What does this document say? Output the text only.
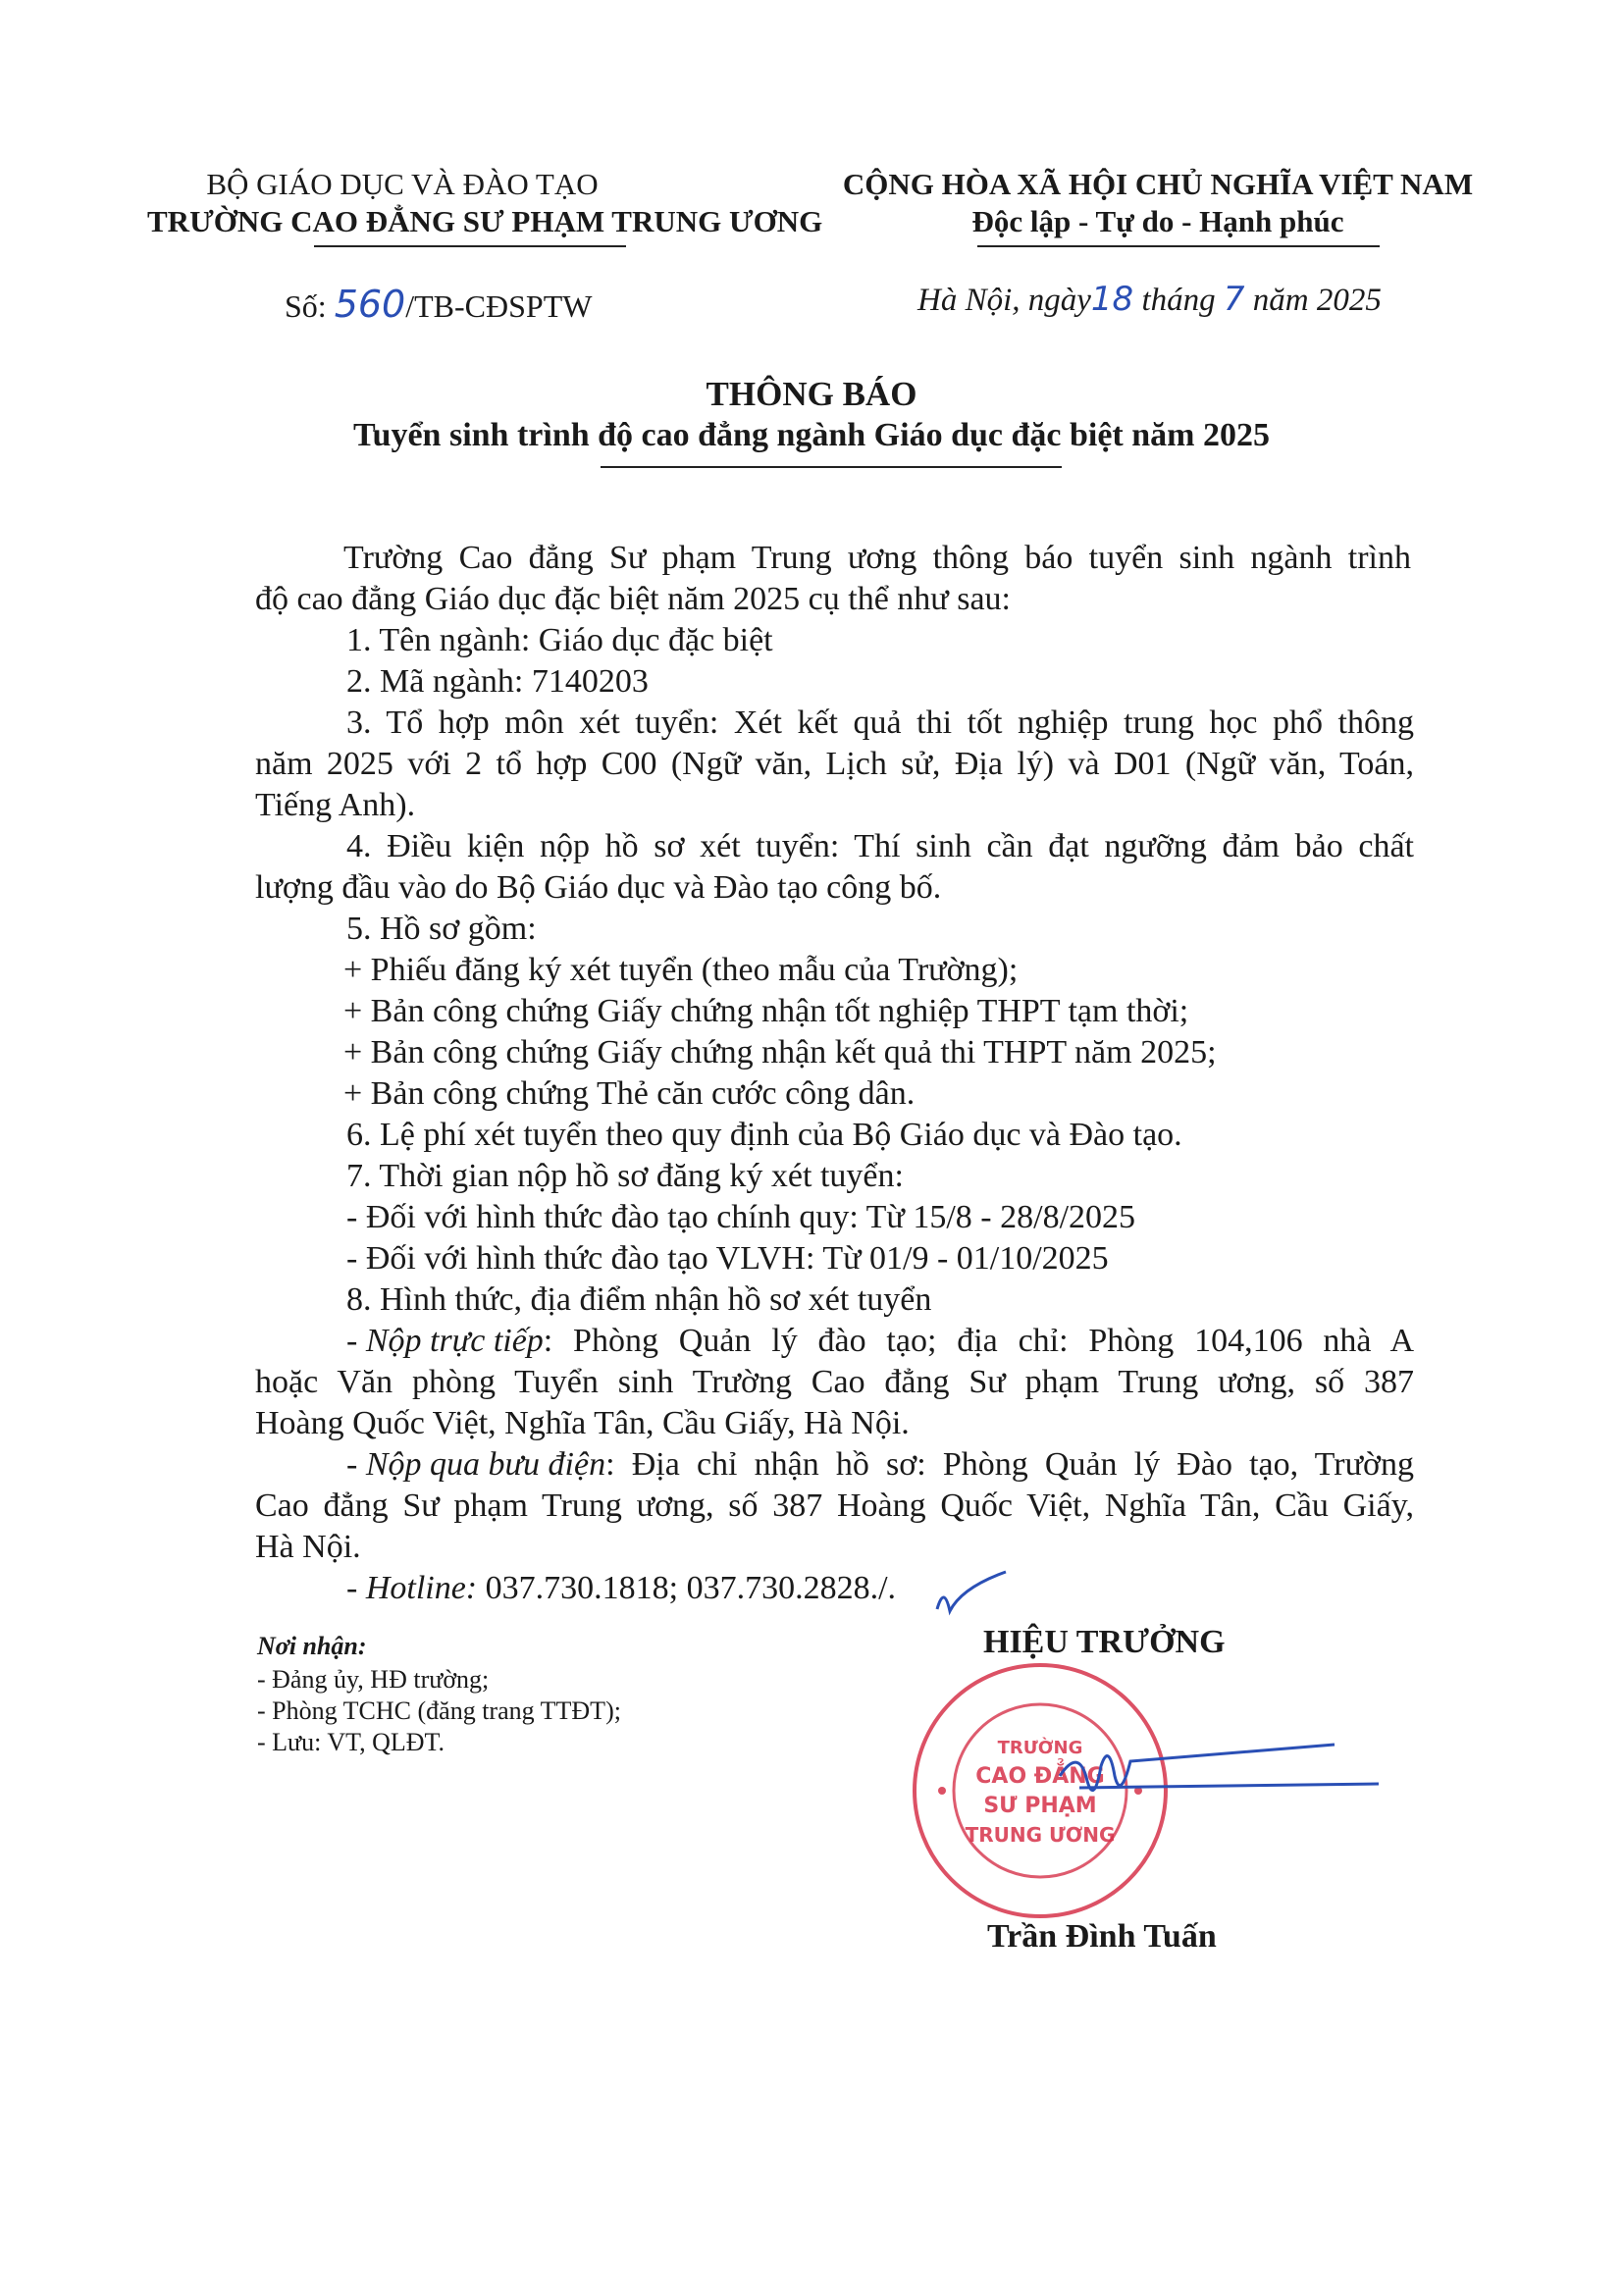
BỘ GIÁO DỤC VÀ ĐÀO TẠO
TRƯỜNG CAO ĐẲNG SƯ PHẠM TRUNG ƯƠNG
Số: 560/TB-CĐSPTW
CỘNG HÒA XÃ HỘI CHỦ NGHĨA VIỆT NAM
Độc lập - Tự do - Hạnh phúc
Hà Nội, ngày18 tháng 7 năm 2025
THÔNG BÁO
Tuyển sinh trình độ cao đẳng ngành Giáo dục đặc biệt năm 2025
Trường Cao đẳng Sư phạm Trung ương thông báo tuyển sinh ngành trình
độ cao đẳng Giáo dục đặc biệt năm 2025 cụ thể như sau:
1. Tên ngành: Giáo dục đặc biệt
2. Mã ngành: 7140203
3. Tổ hợp môn xét tuyển: Xét kết quả thi tốt nghiệp trung học phổ thông
năm 2025 với 2 tổ hợp C00 (Ngữ văn, Lịch sử, Địa lý) và D01 (Ngữ văn, Toán,
Tiếng Anh).
4. Điều kiện nộp hồ sơ xét tuyển: Thí sinh cần đạt ngưỡng đảm bảo chất
lượng đầu vào do Bộ Giáo dục và Đào tạo công bố.
5. Hồ sơ gồm:
+ Phiếu đăng ký xét tuyển (theo mẫu của Trường);
+ Bản công chứng Giấy chứng nhận tốt nghiệp THPT tạm thời;
+ Bản công chứng Giấy chứng nhận kết quả thi THPT năm 2025;
+ Bản công chứng Thẻ căn cước công dân.
6. Lệ phí xét tuyển theo quy định của Bộ Giáo dục và Đào tạo.
7. Thời gian nộp hồ sơ đăng ký xét tuyển:
- Đối với hình thức đào tạo chính quy: Từ 15/8 - 28/8/2025
- Đối với hình thức đào tạo VLVH: Từ 01/9 - 01/10/2025
8. Hình thức, địa điểm nhận hồ sơ xét tuyển
- Nộp trực tiếp : Phòng Quản lý đào tạo; địa chỉ: Phòng 104,106 nhà A
hoặc Văn phòng Tuyển sinh Trường Cao đẳng Sư phạm Trung ương, số 387
Hoàng Quốc Việt, Nghĩa Tân, Cầu Giấy, Hà Nội.
- Nộp qua bưu điện : Địa chỉ nhận hồ sơ: Phòng Quản lý Đào tạo, Trường
Cao đẳng Sư phạm Trung ương, số 387 Hoàng Quốc Việt, Nghĩa Tân, Cầu Giấy,
Hà Nội.
- Hotline: 037.730.1818; 037.730.2828./.
Nơi nhận:
- Đảng ủy, HĐ trường;
- Phòng TCHC (đăng trang TTĐT);
- Lưu: VT, QLĐT.
HIỆU TRƯỞNG
TRƯỜNG
CAO ĐẲNG
SƯ PHẠM
TRUNG ƯƠNG
Trần Đình Tuấn
